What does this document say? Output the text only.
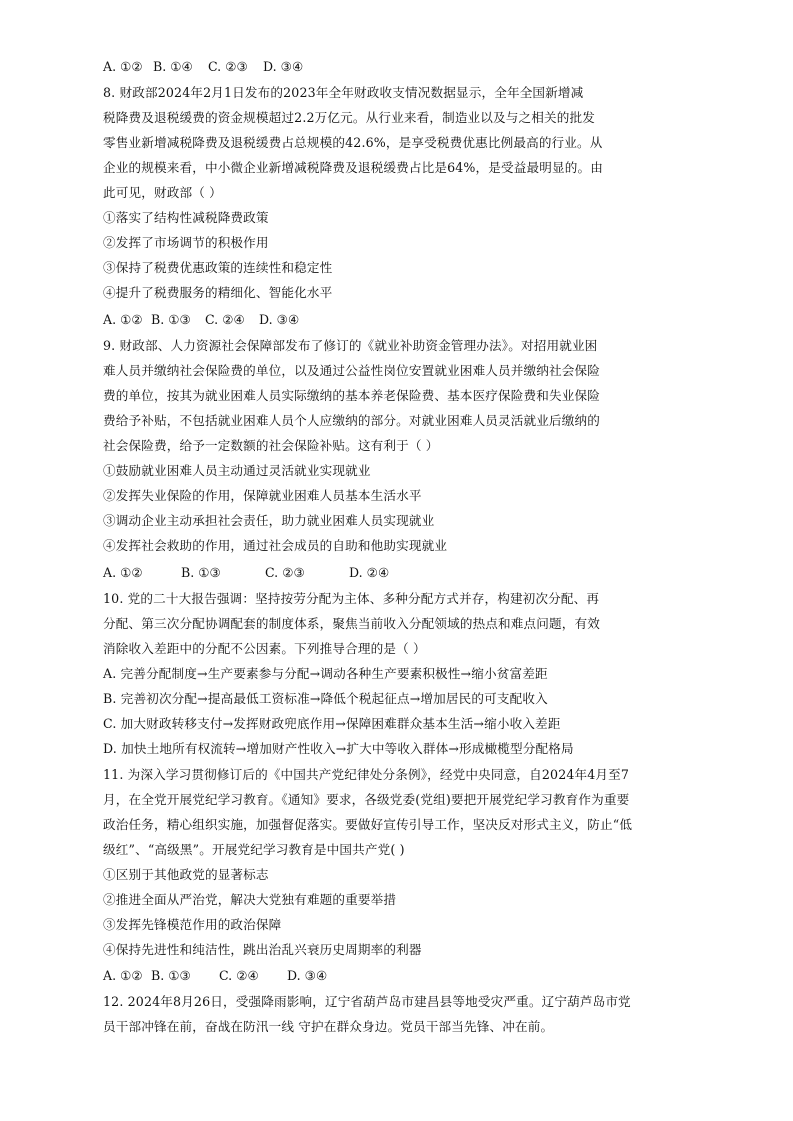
A. ①② B. ①④ C. ②③ D. ③④
8. 财政部2024年2月1日发布的2023年全年财政收支情况数据显示，全年全国新增减
税降费及退税缓费的资金规模超过2.2万亿元。从行业来看，制造业以及与之相关的批发
零售业新增减税降费及退税缓费占总规模的42.6%，是享受税费优惠比例最高的行业。从
企业的规模来看，中小微企业新增减税降费及退税缓费占比是64%，是受益最明显的。由
此可见，财政部（ ）
①落实了结构性减税降费政策
②发挥了市场调节的积极作用
③保持了税费优惠政策的连续性和稳定性
④提升了税费服务的精细化、智能化水平
A. ①② B. ①③ C. ②④ D. ③④
9. 财政部、人力资源社会保障部发布了修订的《就业补助资金管理办法》。对招用就业困
难人员并缴纳社会保险费的单位，以及通过公益性岗位安置就业困难人员并缴纳社会保险
费的单位，按其为就业困难人员实际缴纳的基本养老保险费、基本医疗保险费和失业保险
费给予补贴，不包括就业困难人员个人应缴纳的部分。对就业困难人员灵活就业后缴纳的
社会保险费，给予一定数额的社会保险补贴。这有利于（ ）
①鼓励就业困难人员主动通过灵活就业实现就业
②发挥失业保险的作用，保障就业困难人员基本生活水平
③调动企业主动承担社会责任，助力就业困难人员实现就业
④发挥社会救助的作用，通过社会成员的自助和他助实现就业
A. ①②	B. ①③	C. ②③	D. ②④
10. 党的二十大报告强调：坚持按劳分配为主体、多种分配方式并存，构建初次分配、再
分配、第三次分配协调配套的制度体系，聚焦当前收入分配领域的热点和难点问题，有效
消除收入差距中的分配不公因素。下列推导合理的是（ ）
A. 完善分配制度→生产要素参与分配→调动各种生产要素积极性→缩小贫富差距
B. 完善初次分配→提高最低工资标准→降低个税起征点→增加居民的可支配收入
C. 加大财政转移支付→发挥财政兜底作用→保障困难群众基本生活→缩小收入差距
D. 加快土地所有权流转→增加财产性收入→扩大中等收入群体→形成橄榄型分配格局
11. 为深入学习贯彻修订后的《中国共产党纪律处分条例》，经党中央同意，自2024年4月至7
月，在全党开展党纪学习教育。《通知》要求，各级党委(党组)要把开展党纪学习教育作为重要
政治任务，精心组织实施，加强督促落实。要做好宣传引导工作，坚决反对形式主义，防止“低
级红”、“高级黑”。开展党纪学习教育是中国共产党( )
①区别于其他政党的显著标志
②推进全面从严治党，解决大党独有难题的重要举措
③发挥先锋模范作用的政治保障
④保持先进性和纯洁性，跳出治乱兴衰历史周期率的利器
A. ①② B. ①③ C. ②④ D. ③④
12. 2024年8月26日，受强降雨影响，辽宁省葫芦岛市建昌县等地受灾严重。辽宁葫芦岛市党
员干部冲锋在前，奋战在防汛一线 守护在群众身边。党员干部当先锋、冲在前。
